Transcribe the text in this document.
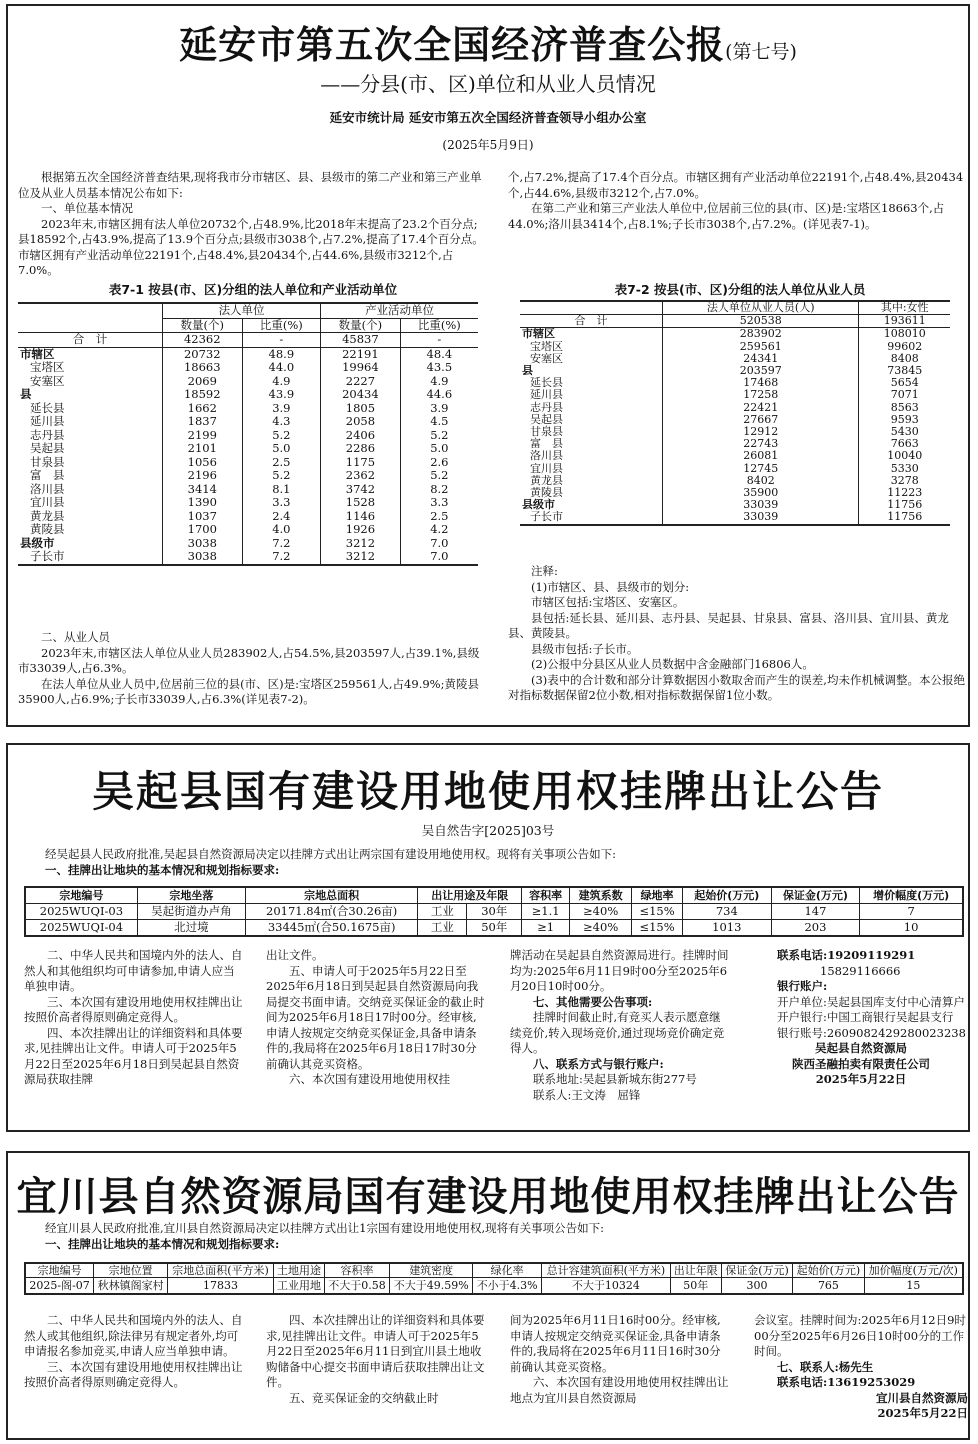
延安市第五次全国经济普查公报(第七号)
——分县(市、区)单位和从业人员情况
延安市统计局 延安市第五次全国经济普查领导小组办公室
(2025年5月9日)

根据第五次全国经济普查结果,现将我市分市辖区、县、县级市的第二产业和第三产业单位及从业人员基本情况公布如下:

一、单位基本情况

2023年末,市辖区拥有法人单位20732个,占48.9%,比2018年末提高了23.2个百分点;县18592个,占43.9%,提高了13.9个百分点;县级市3038个,占7.2%,提高了17.4个百分点。市辖区拥有产业活动单位22191个,占48.4%,县20434个,占44.6%,县级市3212个,占7.0%。

个,占7.2%,提高了17.4个百分点。市辖区拥有产业活动单位22191个,占48.4%,县20434个,占44.6%,县级市3212个,占7.0%。

在第二产业和第三产业法人单位中,位居前三位的县(市、区)是:宝塔区18663个,占44.0%;洛川县3414个,占8.1%;子长市3038个,占7.2%。(详见表7-1)。

表7-1 按县(市、区)分组的法人单位和产业活动单位
	法人单位		产业活动单位	
	数量(个)	比重(%)	数量(个)	比重(%)
合　计	42362	-	45837	-
市辖区	20732	48.9	22191	48.4
宝塔区	18663	44.0	19964	43.5
安塞区	2069	4.9	2227	4.9
县	18592	43.9	20434	44.6
延长县	1662	3.9	1805	3.9
延川县	1837	4.3	2058	4.5
志丹县	2199	5.2	2406	5.2
吴起县	2101	5.0	2286	5.0
甘泉县	1056	2.5	1175	2.6
富　县	2196	5.2	2362	5.2
洛川县	3414	8.1	3742	8.2
宜川县	1390	3.3	1528	3.3
黄龙县	1037	2.4	1146	2.5
黄陵县	1700	4.0	1926	4.2
县级市	3038	7.2	3212	7.0
子长市	3038	7.2	3212	7.0
表7-2 按县(市、区)分组的法人单位从业人员
	法人单位从业人员(人)	其中:女性
合　计	520538	193611
市辖区	283902	108010
宝塔区	259561	99602
安塞区	24341	8408
县	203597	73845
延长县	17468	5654
延川县	17258	7071
志丹县	22421	8563
吴起县	27667	9593
甘泉县	12912	5430
富　县	22743	7663
洛川县	26081	10040
宜川县	12745	5330
黄龙县	8402	3278
黄陵县	35900	11223
县级市	33039	11756
子长市	33039	11756

二、从业人员

2023年末,市辖区法人单位从业人员283902人,占54.5%,县203597人,占39.1%,县级市33039人,占6.3%。

在法人单位从业人员中,位居前三位的县(市、区)是:宝塔区259561人,占49.9%;黄陵县35900人,占6.9%;子长市33039人,占6.3%(详见表7-2)。

注释:

(1)市辖区、县、县级市的划分:

市辖区包括:宝塔区、安塞区。

县包括:延长县、延川县、志丹县、吴起县、甘泉县、富县、洛川县、宜川县、黄龙县、黄陵县。

县级市包括:子长市。

(2)公报中分县区从业人员数据中含金融部门16806人。

(3)表中的合计数和部分计算数据因小数取舍而产生的误差,均未作机械调整。本公报绝对指标数据保留2位小数,相对指标数据保留1位小数。

吴起县国有建设用地使用权挂牌出让公告
吴自然告字[2025]03号

经吴起县人民政府批准,吴起县自然资源局决定以挂牌方式出让两宗国有建设用地使用权。现将有关事项公告如下:

一、挂牌出让地块的基本情况和规划指标要求:

宗地编号	宗地坐落	宗地总面积	出让用途及年限		容积率	建筑系数	绿地率	起始价(万元)	保证金(万元)	增价幅度(万元)
2025WUQI-03	吴起街道办卢角	20171.84㎡(合30.26亩)	工业	30年	≥1.1	≥40%	≤15%	734	147	7
2025WUQI-04	北过境	33445㎡(合50.1675亩)	工业	50年	≥1	≥40%	≤15%	1013	203	10

二、中华人民共和国境内外的法人、自然人和其他组织均可申请参加,申请人应当单独申请。

三、本次国有建设用地使用权挂牌出让按照价高者得原则确定竞得人。

四、本次挂牌出让的详细资料和具体要求,见挂牌出让文件。申请人可于2025年5月22日至2025年6月18日到吴起县自然资源局获取挂牌

出让文件。

五、申请人可于2025年5月22日至2025年6月18日到吴起县自然资源局向我局提交书面申请。交纳竞买保证金的截止时间为2025年6月18日17时00分。经审核,申请人按规定交纳竞买保证金,具备申请条件的,我局将在2025年6月18日17时30分前确认其竞买资格。

六、本次国有建设用地使用权挂

牌活动在吴起县自然资源局进行。挂牌时间均为:2025年6月11日9时00分至2025年6月20日10时00分。

七、其他需要公告事项:

挂牌时间截止时,有竞买人表示愿意继续竞价,转入现场竞价,通过现场竞价确定竞得人。

八、联系方式与银行账户:

联系地址:吴起县新城东街277号

联系人:王文涛　屈锋

联系电话:19209119291

15829116666

银行账户:

开户单位:吴起县国库支付中心清算户

开户银行:中国工商银行吴起县支行

银行账号:2609082429280023238

吴起县自然资源局

陕西圣融拍卖有限责任公司

2025年5月22日

宜川县自然资源局国有建设用地使用权挂牌出让公告

经宜川县人民政府批准,宜川县自然资源局决定以挂牌方式出让1宗国有建设用地使用权,现将有关事项公告如下:

一、挂牌出让地块的基本情况和规划指标要求:

宗地编号	宗地位置	宗地总面积(平方米)	土地用途	容积率	建筑密度	绿化率	总计容建筑面积(平方米)	出让年限	保证金(万元)	起始价(万元)	加价幅度(万元/次)
2025-阁-07	秋林镇阁家村	17833	工业用地	不大于0.58	不大于49.59%	不小于4.3%	不大于10324	50年	300	765	15

二、中华人民共和国境内外的法人、自然人或其他组织,除法律另有规定者外,均可申请报名参加竞买,申请人应当单独申请。

三、本次国有建设用地使用权挂牌出让按照价高者得原则确定竞得人。

四、本次挂牌出让的详细资料和具体要求,见挂牌出让文件。申请人可于2025年5月22日至2025年6月11日到宜川县土地收购储备中心提交书面申请后获取挂牌出让文件。

五、竞买保证金的交纳截止时

间为2025年6月11日16时00分。经审核,申请人按规定交纳竞买保证金,具备申请条件的,我局将在2025年6月11日16时30分前确认其竞买资格。

六、本次国有建设用地使用权挂牌出让地点为宜川县自然资源局

会议室。挂牌时间为:2025年6月12日9时00分至2025年6月26日10时00分的工作时间。

七、联系人:杨先生

联系电话:13619253029

宜川县自然资源局

2025年5月22日
